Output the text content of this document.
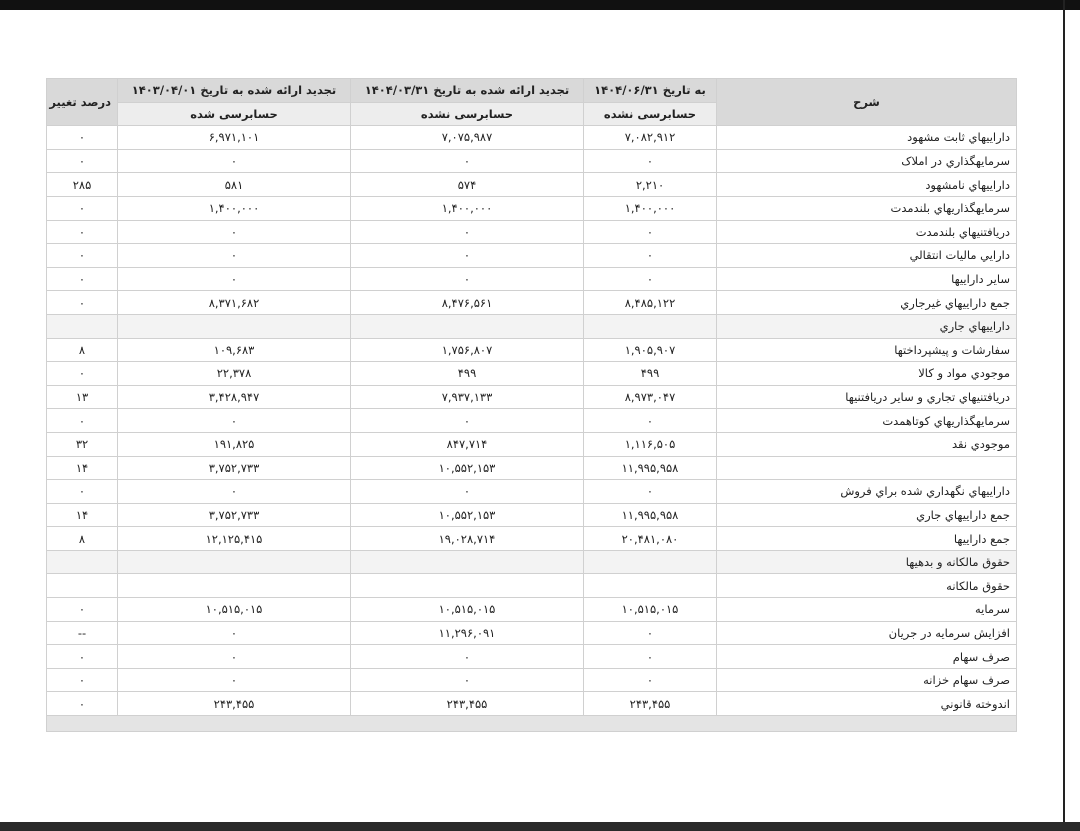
شرح	به تاریخ ۱۴۰۴/۰۶/۳۱	تجدید ارائه شده به تاریخ ۱۴۰۴/۰۳/۳۱	تجدید ارائه شده به تاریخ ۱۴۰۳/۰۴/۰۱	درصد تغییر
	حسابرسی نشده	حسابرسی نشده	حسابرسی شده	
داراییهاي ثابت مشهود	۷,۰۸۲,۹۱۲	۷,۰۷۵,۹۸۷	۶,۹۷۱,۱۰۱	۰
سرمایهگذاري در املاک	۰	۰	۰	۰
داراییهاي نامشهود	۲,۲۱۰	۵۷۴	۵۸۱	۲۸۵
سرمایهگذاريهاي بلندمدت	۱,۴۰۰,۰۰۰	۱,۴۰۰,۰۰۰	۱,۴۰۰,۰۰۰	۰
دریافتنيهاي بلندمدت	۰	۰	۰	۰
دارایي ماليات انتقالي	۰	۰	۰	۰
ساير داراييها	۰	۰	۰	۰
جمع داراییهاي غيرجاري	۸,۴۸۵,۱۲۲	۸,۴۷۶,۵۶۱	۸,۳۷۱,۶۸۲	۰
داراییهاي جاري				
سفارشات و پيشپرداختها	۱,۹۰۵,۹۰۷	۱,۷۵۶,۸۰۷	۱۰۹,۶۸۳	۸
موجودي مواد و کالا	۴۹۹	۴۹۹	۲۲,۳۷۸	۰
دریافتنيهاي تجاري و ساير دریافتنيها	۸,۹۷۳,۰۴۷	۷,۹۳۷,۱۳۳	۳,۴۲۸,۹۴۷	۱۳
سرمایهگذاريهاي کوتاهمدت	۰	۰	۰	۰
موجودي نقد	۱,۱۱۶,۵۰۵	۸۴۷,۷۱۴	۱۹۱,۸۲۵	۳۲
	۱۱,۹۹۵,۹۵۸	۱۰,۵۵۲,۱۵۳	۳,۷۵۲,۷۳۳	۱۴
داراییهاي نگهداري شده براي فروش	۰	۰	۰	۰
جمع داراییهاي جاري	۱۱,۹۹۵,۹۵۸	۱۰,۵۵۲,۱۵۳	۳,۷۵۲,۷۳۳	۱۴
جمع داراییها	۲۰,۴۸۱,۰۸۰	۱۹,۰۲۸,۷۱۴	۱۲,۱۲۵,۴۱۵	۸
حقوق مالکانه و بدهيها				
حقوق مالکانه				
سرمايه	۱۰,۵۱۵,۰۱۵	۱۰,۵۱۵,۰۱۵	۱۰,۵۱۵,۰۱۵	۰
افزايش سرمايه در جريان	۰	۱۱,۲۹۶,۰۹۱	۰	--
صرف سهام	۰	۰	۰	۰
صرف سهام خزانه	۰	۰	۰	۰
اندوخته قانوني	۲۴۳,۴۵۵	۲۴۳,۴۵۵	۲۴۳,۴۵۵	۰
